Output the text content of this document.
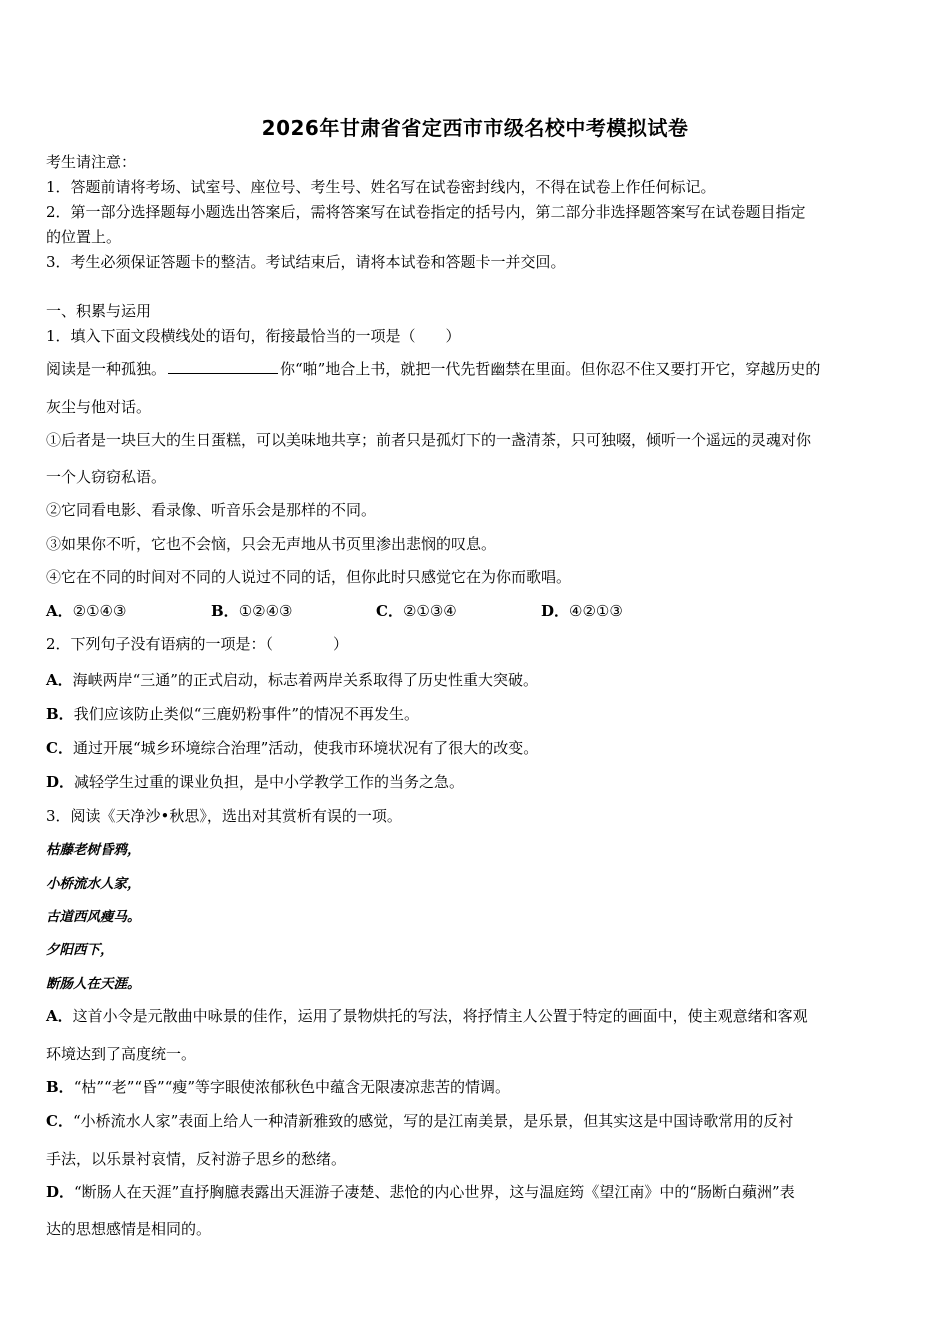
2026年甘肃省省定西市市级名校中考模拟试卷
考生请注意：
1．答题前请将考场、试室号、座位号、考生号、姓名写在试卷密封线内，不得在试卷上作任何标记。
2．第一部分选择题每小题选出答案后，需将答案写在试卷指定的括号内，第二部分非选择题答案写在试卷题目指定
的位置上。
3．考生必须保证答题卡的整洁。考试结束后，请将本试卷和答题卡一并交回。
一、积累与运用
1．填入下面文段横线处的语句，衔接最恰当的一项是（　　）
阅读是一种孤独。	你“啪”地合上书，就把一代先哲幽禁在里面。但你忍不住又要打开它，穿越历史的
灰尘与他对话。
①后者是一块巨大的生日蛋糕，可以美味地共享；前者只是孤灯下的一盏清茶，只可独啜，倾听一个遥远的灵魂对你
一个人窃窃私语。
②它同看电影、看录像、听音乐会是那样的不同。
③如果你不听，它也不会恼，只会无声地从书页里渗出悲悯的叹息。
④它在不同的时间对不同的人说过不同的话，但你此时只感觉它在为你而歌唱。
A．②①④③	B．①②④③	C．②①③④	D．④②①③
2．下列句子没有语病的一项是：（　　　　）
A．海峡两岸“三通”的正式启动，标志着两岸关系取得了历史性重大突破。
B．我们应该防止类似“三鹿奶粉事件”的情况不再发生。
C．通过开展“城乡环境综合治理”活动，使我市环境状况有了很大的改变。
D．减轻学生过重的课业负担，是中小学教学工作的当务之急。
3．阅读《天净沙•秋思》，选出对其赏析有误的一项。
枯藤老树昏鸦，
小桥流水人家，
古道西风瘦马。
夕阳西下，
断肠人在天涯。
A．这首小令是元散曲中咏景的佳作，运用了景物烘托的写法，将抒情主人公置于特定的画面中，使主观意绪和客观
环境达到了高度统一。
B．“枯”“老”“昏”“瘦”等字眼使浓郁秋色中蕴含无限凄凉悲苦的情调。
C．“小桥流水人家”表面上给人一种清新雅致的感觉，写的是江南美景，是乐景，但其实这是中国诗歌常用的反衬
手法，以乐景衬哀情，反衬游子思乡的愁绪。
D．“断肠人在天涯”直抒胸臆表露出天涯游子凄楚、悲怆的内心世界，这与温庭筠《望江南》中的“肠断白蘋洲”表
达的思想感情是相同的。
